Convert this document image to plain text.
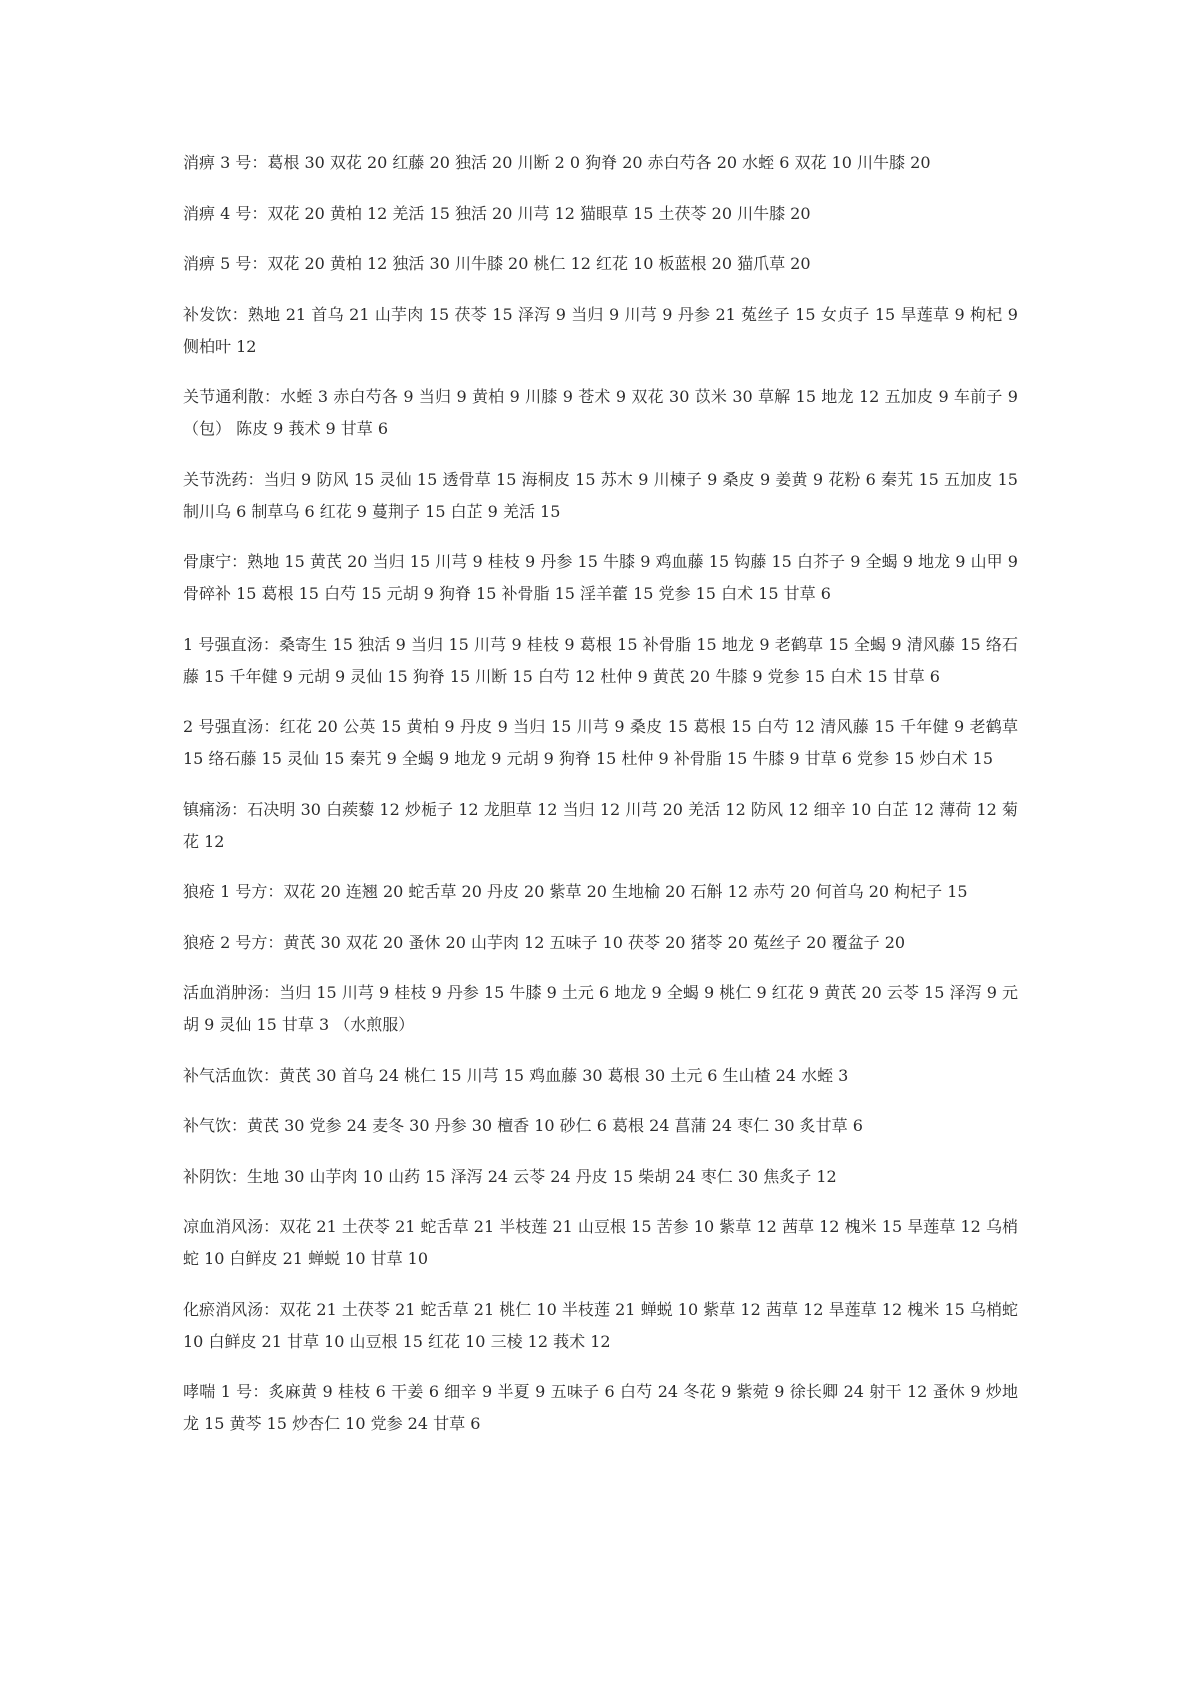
消痹 3 号：葛根 30 双花 20 红藤 20 独活 20 川断 2 0 狗脊 20 赤白芍各 20 水蛭 6 双花 10 川牛膝 20

消痹 4 号：双花 20 黄柏 12 羌活 15 独活 20 川芎 12 猫眼草 15 土茯苓 20 川牛膝 20

消痹 5 号：双花 20 黄柏 12 独活 30 川牛膝 20 桃仁 12 红花 10 板蓝根 20 猫爪草 20

补发饮：熟地 21 首乌 21 山芋肉 15 茯苓 15 泽泻 9 当归 9 川芎 9 丹参 21 菟丝子 15 女贞子 15 旱莲草 9 枸杞 9 侧柏叶 12

关节通利散：水蛭 3 赤白芍各 9 当归 9 黄柏 9 川膝 9 苍术 9 双花 30 苡米 30 草解 15 地龙 12 五加皮 9 车前子 9（包） 陈皮 9 莪术 9 甘草 6

关节洗药：当归 9 防风 15 灵仙 15 透骨草 15 海桐皮 15 苏木 9 川楝子 9 桑皮 9 姜黄 9 花粉 6 秦艽 15 五加皮 15 制川乌 6 制草乌 6 红花 9 蔓荆子 15 白芷 9 羌活 15

骨康宁：熟地 15 黄芪 20 当归 15 川芎 9 桂枝 9 丹参 15 牛膝 9 鸡血藤 15 钩藤 15 白芥子 9 全蝎 9 地龙 9 山甲 9 骨碎补 15 葛根 15 白芍 15 元胡 9 狗脊 15 补骨脂 15 淫羊藿 15 党参 15 白术 15 甘草 6

1 号强直汤：桑寄生 15 独活 9 当归 15 川芎 9 桂枝 9 葛根 15 补骨脂 15 地龙 9 老鹤草 15 全蝎 9 清风藤 15 络石藤 15 千年健 9 元胡 9 灵仙 15 狗脊 15 川断 15 白芍 12 杜仲 9 黄芪 20 牛膝 9 党参 15 白术 15 甘草 6

2 号强直汤：红花 20 公英 15 黄柏 9 丹皮 9 当归 15 川芎 9 桑皮 15 葛根 15 白芍 12 清风藤 15 千年健 9 老鹤草 15 络石藤 15 灵仙 15 秦艽 9 全蝎 9 地龙 9 元胡 9 狗脊 15 杜仲 9 补骨脂 15 牛膝 9 甘草 6 党参 15 炒白术 15

镇痛汤：石决明 30 白蒺藜 12 炒栀子 12 龙胆草 12 当归 12 川芎 20 羌活 12 防风 12 细辛 10 白芷 12 薄荷 12 菊花 12

狼疮 1 号方：双花 20 连翘 20 蛇舌草 20 丹皮 20 紫草 20 生地榆 20 石斛 12 赤芍 20 何首乌 20 枸杞子 15

狼疮 2 号方：黄芪 30 双花 20 蚤休 20 山芋肉 12 五味子 10 茯苓 20 猪苓 20 菟丝子 20 覆盆子 20

活血消肿汤：当归 15 川芎 9 桂枝 9 丹参 15 牛膝 9 土元 6 地龙 9 全蝎 9 桃仁 9 红花 9 黄芪 20 云苓 15 泽泻 9 元胡 9 灵仙 15 甘草 3 （水煎服）

补气活血饮：黄芪 30 首乌 24 桃仁 15 川芎 15 鸡血藤 30 葛根 30 土元 6 生山楂 24 水蛭 3

补气饮：黄芪 30 党参 24 麦冬 30 丹参 30 檀香 10 砂仁 6 葛根 24 菖蒲 24 枣仁 30 炙甘草 6

补阴饮：生地 30 山芋肉 10 山药 15 泽泻 24 云苓 24 丹皮 15 柴胡 24 枣仁 30 焦炙子 12

凉血消风汤：双花 21 土茯苓 21 蛇舌草 21 半枝莲 21 山豆根 15 苦参 10 紫草 12 茜草 12 槐米 15 旱莲草 12 乌梢蛇 10 白鲜皮 21 蝉蜕 10 甘草 10

化瘀消风汤：双花 21 土茯苓 21 蛇舌草 21 桃仁 10 半枝莲 21 蝉蜕 10 紫草 12 茜草 12 旱莲草 12 槐米 15 乌梢蛇 10 白鲜皮 21 甘草 10 山豆根 15 红花 10 三棱 12 莪术 12

哮喘 1 号：炙麻黄 9 桂枝 6 干姜 6 细辛 9 半夏 9 五味子 6 白芍 24 冬花 9 紫菀 9 徐长卿 24 射干 12 蚤休 9 炒地龙 15 黄芩 15 炒杏仁 10 党参 24 甘草 6
